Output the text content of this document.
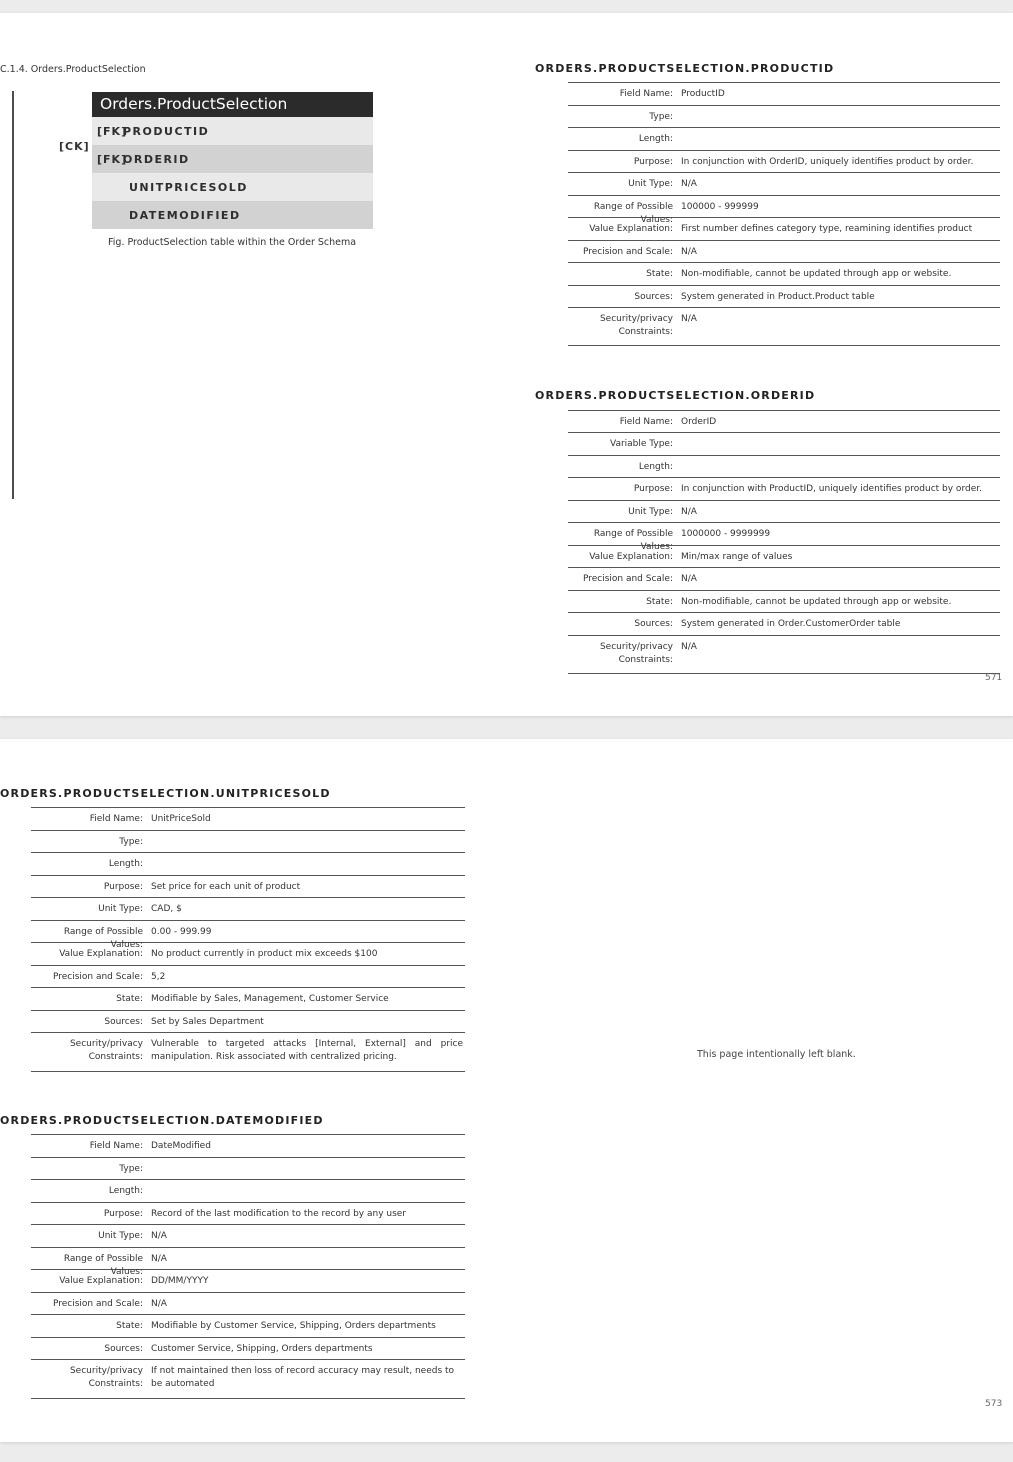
C.1.4. Orders.ProductSelection
[CK]
Orders.ProductSelection
[FK]
PRODUCTID
[FK]
ORDERID
UNITPRICESOLD
DATEMODIFIED
Fig. ProductSelection table within the Order Schema
ORDERS.PRODUCTSELECTION.PRODUCTID
Field Name: ProductID
Type:
Length:
Purpose: In conjunction with OrderID, uniquely identifies product by order.
Unit Type: N/A
Range of Possible Values:
100000 - 999999
Value Explanation: First number defines category type, reamining identifies product
Precision and Scale: N/A
State: Non-modifiable, cannot be updated through app or website.
Sources: System generated in Product.Product table
Security/privacy
Constraints:
N/A
ORDERS.PRODUCTSELECTION.ORDERID
Field Name: OrderID
Variable Type:
Length:
Purpose: In conjunction with ProductID, uniquely identifies product by order.
Unit Type: N/A
Range of Possible Values:
1000000 - 9999999
Value Explanation: Min/max range of values
Precision and Scale: N/A
State: Non-modifiable, cannot be updated through app or website.
Sources: System generated in Order.CustomerOrder table
Security/privacy
Constraints:
N/A
571
ORDERS.PRODUCTSELECTION.UNITPRICESOLD
Field Name: UnitPriceSold
Type:
Length:
Purpose: Set price for each unit of product
Unit Type: CAD, $
Range of Possible Values:
0.00 - 999.99
Value Explanation: No product currently in product mix exceeds $100
Precision and Scale: 5,2
State: Modifiable by Sales, Management, Customer Service
Sources: Set by Sales Department
Security/privacy
Constraints:
Vulnerable to targeted attacks [Internal, External] and price manipulation. Risk associated with centralized pricing.
ORDERS.PRODUCTSELECTION.DATEMODIFIED
Field Name: DateModified
Type:
Length:
Purpose: Record of the last modification to the record by any user
Unit Type: N/A
Range of Possible Values:
N/A
Value Explanation: DD/MM/YYYY
Precision and Scale: N/A
State: Modifiable by Customer Service, Shipping, Orders departments
Sources: Customer Service, Shipping, Orders departments
Security/privacy
Constraints:
If not maintained then loss of record accuracy may result, needs to be automated
This page intentionally left blank.
573
